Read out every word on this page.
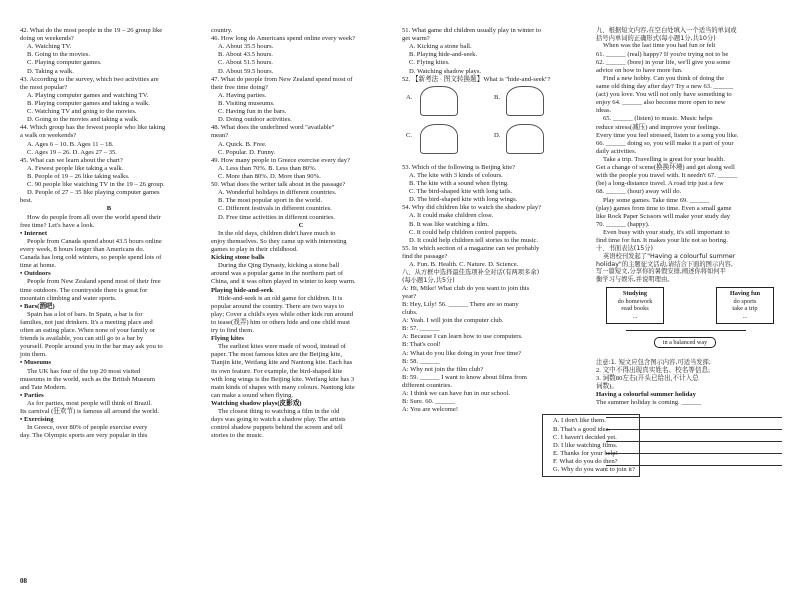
42. What do the most people in the 19 – 26 group like
doing on weekends?
A. Watching TV.
B. Going to the movies.
C. Playing computer games.
D. Taking a walk.
43. According to the survey, which two activities are
the most popular?
A. Playing computer games and watching TV.
B. Playing computer games and taking a walk.
C. Watching TV and going to the movies.
D. Going to the movies and taking a walk.
44. Which group has the fewest people who like taking
a walk on weekends?
A. Ages 6 – 10. B. Ages 11 – 18.
C. Ages 19 – 26. D. Ages 27 – 35.
45. What can we learn about the chart?
A. Fewest people like taking a walk.
B. People of 19 – 26 like taking walks.
C. 90 people like watching TV in the 19 – 26 group.
D. People of 27 – 35 like playing computer games
best.
B
How do people from all over the world spend their
free time? Let's have a look.
• Internet
People from Canada spend about 43.5 hours online
every week, 8 hours longer than Americans do.
Canada has long cold winters, so people spend lots of
time at home.
• Outdoors
People from New Zealand spend most of their free
time outdoors. The countryside there is great for
mountain climbing and water sports.
• Bars(酒吧)
Spain has a lot of bars. In Spain, a bar is for
families, not just drinkers. It's a meeting place and
often an eating place. When none of your family or
friends is available, you can still go to a bar by
yourself. People around you in the bar may ask you to
join them.
• Museums
The UK has four of the top 20 most visited
museums in the world, such as the British Museum
and Tate Modern.
• Parties
As for parties, most people will think of Brazil.
Its carnival (狂欢节) is famous all around the world.
• Exercising
In Greece, over 80% of people exercise every
day. The Olympic sports are very popular in this
country.
46. How long do Americans spend online every week?
A. About 35.5 hours.
B. About 43.5 hours.
C. About 51.5 hours.
D. About 59.5 hours.
47. What do people from New Zealand spend most of
their free time doing?
A. Having parties.
B. Visiting museums.
C. Having fun in the bars.
D. Doing outdoor activities.
48. What does the underlined word "available"
mean?
A. Quick. B. Free.
C. Popular. D. Funny.
49. How many people in Greece exercise every day?
A. Less than 70%. B. Less than 80%.
C. More than 80%. D. More than 90%.
50. What does the writer talk about in the passage?
A. Wonderful holidays in different countries.
B. The most popular sport in the world.
C. Different festivals in different countries.
D. Free time activities in different countries.
C
In the old days, children didn't have much to
enjoy themselves. So they came up with interesting
games to play in their childhood.
Kicking stone balls
During the Qing Dynasty, kicking a stone ball
around was a popular game in the northern part of
China, and it was often played in winter to keep warm.
Playing hide-and-seek
Hide-and-seek is an old game for children. It is
popular around the country. There are two ways to
play; Cover a child's eyes while other kids run around
to tease(戏弄) him or others hide and one child must
try to find them.
Flying kites
The earliest kites were made of wood, instead of
paper. The most famous kites are the Beijing kite,
Tianjin kite, Weifang kite and Nantong kite. Each has
its own feature. For example, the bird-shaped kite
with long wings is the Beijing kite. Weifang kite has 3
main kinds of shapes with many colours. Nantong kite
can make a sound when flying.
Watching shadow plays(皮影戏)
The closest thing to watching a film in the old
days was going to watch a shadow play. The artists
control shadow puppets behind the screen and tell
stories to the music.
51. What game did children usually play in winter to
get warm?
A. Kicking a stone ball.
B. Playing hide-and-seek.
C. Flying kites.
D. Watching shadow plays.
52. 【新考法 · 图文转换题】What is "hide-and-seek"?
A.	B.
C.	D.
53. Which of the following is Beijing kite?
A. The kite with 3 kinds of colours.
B. The kite with a sound when flying.
C. The bird-shaped kite with long tails.
D. The bird-shaped kite with long wings.
54. Why did children like to watch the shadow play?
A. It could make children close.
B. It was like watching a film.
C. It could help children control puppets.
D. It could help children tell stories to the music.
55. In which section of a magazine can we probably
find the passage?
A. Fun. B. Health. C. Nature. D. Science.
八、从方框中选择最佳选项补全对话(有两项多余)
(每小题1分,共5分)
A: Hi, Mike! What club do you want to join this
year?
B: Hey, Lily! 56. ______ There are so many
clubs.
A: Yeah. I will join the computer club.
B: 57. ______
A: Because I can learn how to use computers.
B: That's cool!
A: What do you like doing in your free time?
B: 58. ______
A: Why not join the film club?
B: 59. ______ I want to know about films from
different countries.
A: I think we can have fun in our school.
B: Sure. 60. ______
A: You are welcome!
A. I don't like them.
B. That's a good idea.
C. I haven't decided yet.
D. I like watching films.
E. Thanks for your help!
F. What do you do then?
G. Why do you want to join it?
九、根据短文内容,在空白处填入一个适当的单词或
括号内单词的正确形式(每小题1分,共10分)
When was the last time you had fun or felt
61. ______ (real) happy? If you're trying not to be
62. ______ (bore) in your life, we'll give you some
advice on how to have more fun.
Find a new hobby. Can you think of doing the
same old thing day after day? Try a new 63. ______
(act) you love. You will not only have something to
enjoy 64. ______ also become more open to new
ideas.
65. ______ (listen) to music. Music helps
reduce stress(减压) and improve your feelings.
Every time you feel stressed, listen to a song you like.
66. ______ doing so, you will make it a part of your
daily activities.
Take a trip. Travelling is great for your health.
Get a change of scene(换换环境) and get along well
with the people you travel with. It needn't 67. ______
(be) a long-distance travel. A road trip just a few
68. ______ (hour) away will do.
Play some games. Take time 69. ______
(play) games from time to time. Even a small game
like Rock Paper Scissors will make your study day
70. ______ (happy).
Even busy with your study, it's still important to
find time for fun. It makes your life not so boring.
十、书面表达(15分)
英语校刊发起了"Having a colourful summer
holiday"的主题征文活动,请结合下面的图示内容,
写一篇短文,分享你的暑假安排,阐述你将如何平
衡学习与娱乐,并说明理由。
Studying
do homework
read books
...
Having fun
do sports
take a trip
...
in a balanced way
注意:1. 短文应包含图示内容,可适当发挥;
2. 文中不得出现真实姓名、校名等信息;
3. 词数80左右(开头已给出,不计入总
词数)。
Having a colourful summer holiday
The summer holiday is coming. ______
08
